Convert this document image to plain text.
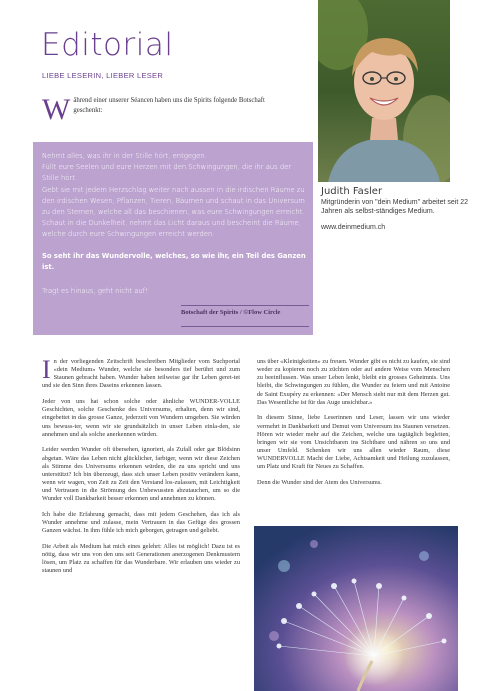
Editorial
LIEBE LESERIN, LIEBER LESER
W ährend einer unserer Séancen haben uns die Spirits folgende Botschaft geschenkt:

Nehmt alles, was ihr in der Stille hört, entgegen.

Füllt eure Seelen und eure Herzen mit den Schwingungen, die ihr aus der Stille hört.

Gebt sie mit jedem Herzschlag weiter nach aussen in die irdischen Räume zu den irdischen Wesen, Pflanzen, Tieren, Bäumen und schaut in das Universum zu den Sternen, welche all das beschienen, was eure Schwingungen erreicht.

Schaut in die Dunkelheit, nehmt das Licht daraus und bescheint die Räume, welche durch eure Schwingungen erreicht werden.

So seht ihr das Wundervolle, welches, so wie ihr, ein Teil des Ganzen ist.

Tragt es hinaus, geht nicht auf!

Botschaft der Spirits / ©Flow Circle
Judith Fasler
Mitgründerin von "dein Medium" arbeitet seit 22 Jahren als selbst-ständiges Medium.
www.deinmedium.ch

In der vorliegenden Zeitschrift beschreiben Mitglieder vom Suchportal «dein Medium» Wunder, welche sie besonders tief berührt und zum Staunen gebracht haben. Wunder haben teilweise gar ihr Leben geret-tet und sie den Sinn ihres Daseins erkennen lassen.

Jeder von uns hat schon solche oder ähnliche WUNDER-VOLLE Geschichten, solche Geschenke des Universums, erhalten, denn wir sind, eingebettet in das grosse Ganze, jederzeit von Wundern umgeben. Sie würden uns bewuss-ter, wenn wir sie grundsätzlich in unser Leben einla-den, sie annehmen und als solche anerkennen würden.

Leider werden Wunder oft übersehen, ignoriert, als Zufall oder gar Blödsinn abgetan. Wäre das Leben nicht glücklicher, farbiger, wenn wir diese Zeichen als Stimme des Universums erkennen würden, die zu uns spricht und uns unterstützt? Ich bin überzeugt, dass sich unser Leben positiv verändern kann, wenn wir wagen, von Zeit zu Zeit den Verstand los-zulassen, mit Leichtigkeit und Vertrauen in die Strömung des Unbewussten abzutauchen, um so die Wunder voll Dankbarkeit besser erkennen und annehmen zu können.

Ich habe die Erfahrung gemacht, dass mit jedem Geschehen, das ich als Wunder annehme und zulasse, mein Vertrauen in das Gefüge des grossen Ganzen wächst. In ihm fühle ich mich geborgen, getragen und geliebt.

Die Arbeit als Medium hat mich eines gelehrt: Alles ist möglich! Dazu ist es nötig, dass wir uns von den uns seit Generationen anerzogenen Denkmustern lösen, um Platz zu schaffen für das Wunderbare. Wir erlauben uns wieder zu staunen und

uns über «Kleinigkeiten» zu freuen. Wunder gibt es nicht zu kaufen, sie sind weder zu kopieren noch zu züchten oder auf andere Weise vom Menschen zu beeinflussen. Was unser Leben lenkt, bleibt ein grosses Geheimnis. Uns bleibt, die Schwingungen zu fühlen, die Wunder zu feiern und mit Antoine de Saint Exupéry zu erkennen: «Der Mensch sieht nur mit dem Herzen gut. Das Wesentliche ist für das Auge unsichtbar.»

In diesem Sinne, liebe Leserinnen und Leser, lassen wir uns wieder vermehrt in Dankbarkeit und Demut vom Universum ins Staunen versetzen. Hören wir wieder mehr auf die Zeichen, welche uns tagtäglich begleiten, bringen wir sie vom Unsichtbaren ins Sichtbare und nähren so uns und unser Umfeld. Schenken wir uns allen wieder Raum, diese WUNDERVOLLE Macht der Liebe, Achtsamkeit und Heilung zuzulassen, um Platz und Kraft für Neues zu Schaffen.

Denn die Wunder sind der Atem des Universums.
